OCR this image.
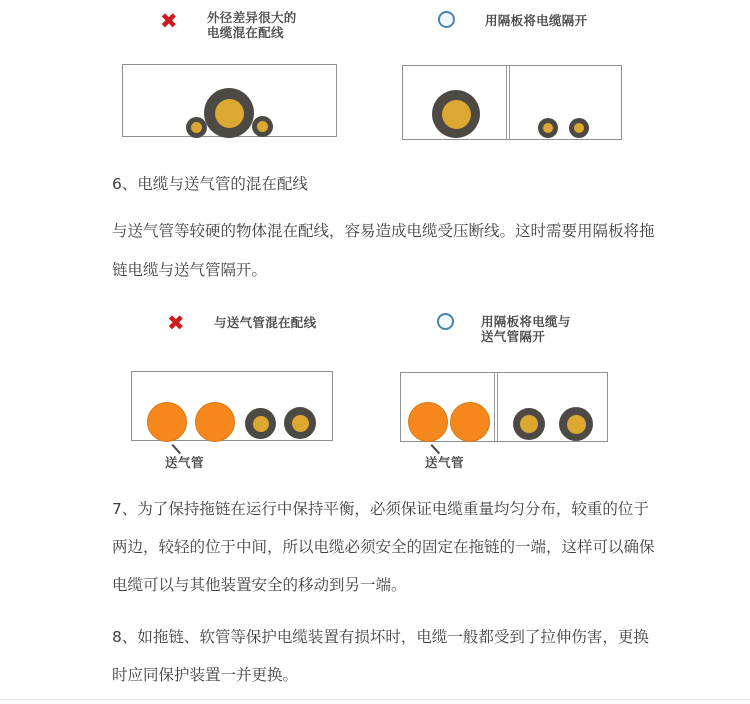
✖ 外径差异很大的
电缆混在配线
用隔板将电缆隔开
6、电缆与送气管的混在配线
与送气管等较硬的物体混在配线，容易造成电缆受压断线。这时需要用隔板将拖
链电缆与送气管隔开。
✖ 与送气管混在配线	用隔板将电缆与
送气管隔开
送气管	送气管
7、为了保持拖链在运行中保持平衡，必须保证电缆重量均匀分布，较重的位于
两边，较轻的位于中间，所以电缆必须安全的固定在拖链的一端，这样可以确保
电缆可以与其他装置安全的移动到另一端。
8、如拖链、软管等保护电缆装置有损坏时，电缆一般都受到了拉伸伤害，更换
时应同保护装置一并更换。
